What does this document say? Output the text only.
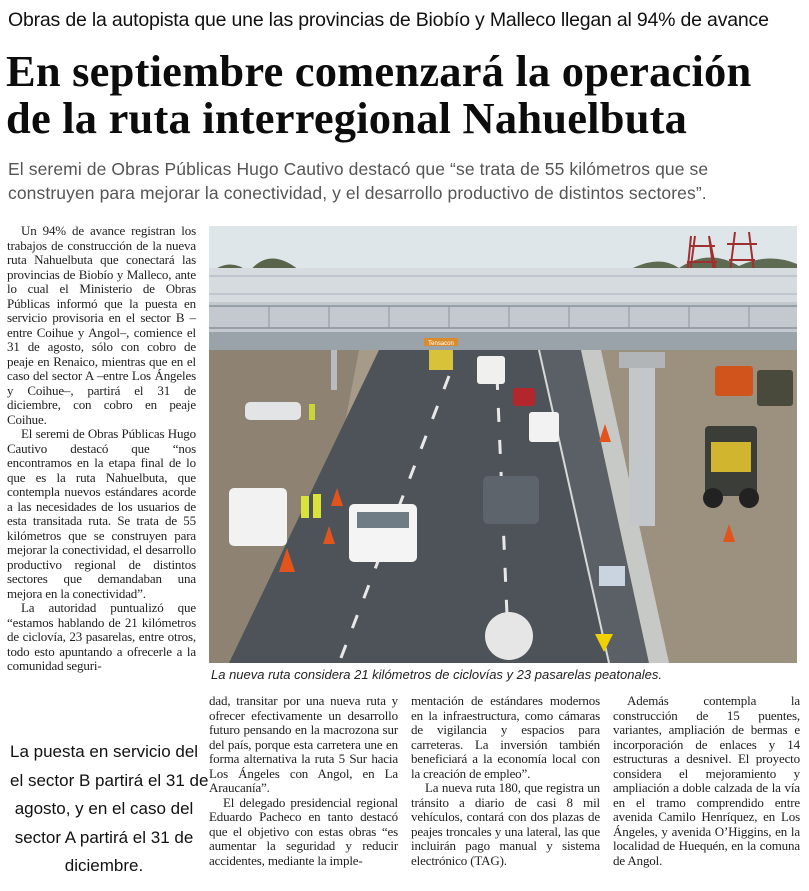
Obras de la autopista que une las provincias de Biobío y Malleco llegan al 94% de avance
En septiembre comenzará la operación
de la ruta interregional Nahuelbuta
El seremi de Obras Públicas Hugo Cautivo destacó que “se trata de 55 kilómetros que se
construyen para mejorar la conectividad, y el desarrollo productivo de distintos sectores”.

Un 94% de avance registran los trabajos de construcción de la nueva ruta Nahuelbuta que conectará las provincias de Biobío y Malleco, ante lo cual el Ministerio de Obras Públicas informó que la puesta en servicio provisoria en el sector B –entre Coihue y Angol–, comience el 31 de agosto, sólo con cobro de peaje en Renaico, mientras que en el caso del sector A –entre Los Ángeles y Coihue–, partirá el 31 de diciembre, con cobro en peaje Coihue.

El seremi de Obras Públicas Hugo Cautivo destacó que “nos encontramos en la etapa final de lo que es la ruta Nahuelbuta, que contempla nuevos estándares acorde a las necesidades de los usuarios de esta transitada ruta. Se trata de 55 kilómetros que se construyen para mejorar la conectividad, el desarrollo productivo regional de distintos sectores que demandaban una mejora en la conectividad”.

La autoridad puntualizó que “estamos hablando de 21 kilómetros de ciclovía, 23 pasarelas, entre otros, todo esto apuntando a ofrecerle a la comunidad seguri-

La puesta en servicio del
el sector B partirá el 31 de
agosto, y en el caso del
sector A partirá el 31 de
diciembre.
Tensacon
La nueva ruta considera 21 kilómetros de ciclovías y 23 pasarelas peatonales.

dad, transitar por una nueva ruta y ofrecer efectivamente un desarrollo futuro pensando en la macrozona sur del país, porque esta carretera une en forma alternativa la ruta 5 Sur hacia Los Ángeles con Angol, en La Araucanía”.

El delegado presidencial regional Eduardo Pacheco en tanto destacó que el objetivo con estas obras “es aumentar la seguridad y reducir accidentes, mediante la imple-

mentación de estándares modernos en la infraestructura, como cámaras de vigilancia y espacios para carreteras. La inversión también beneficiará a la economía local con la creación de empleo”.

La nueva ruta 180, que registra un tránsito a diario de casi 8 mil vehículos, contará con dos plazas de peajes troncales y una lateral, las que incluirán pago manual y sistema electrónico (TAG).

Además contempla la construcción de 15 puentes, variantes, ampliación de bermas e incorporación de enlaces y 14 estructuras a desnivel. El proyecto considera el mejoramiento y ampliación a doble calzada de la vía en el tramo comprendido entre avenida Camilo Henríquez, en Los Ángeles, y avenida O’Higgins, en la localidad de Huequén, en la comuna de Angol.
